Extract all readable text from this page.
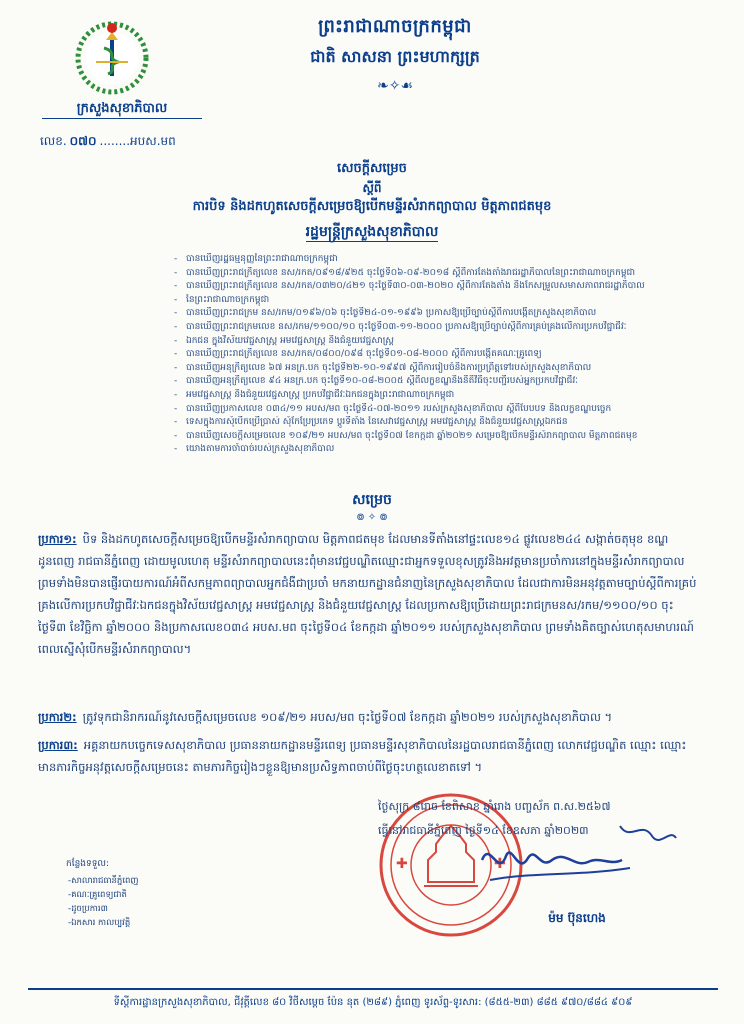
ក្រសួងសុខាភិបាល
លេខ. ០៧០ ........អបស.មព
ព្រះរាជាណាចក្រកម្ពុជា
ជាតិ សាសនា ព្រះមហាក្សត្រ
❧✧☙
សេចក្តីសម្រេច
ស្តីពី
ការបិទ និងដកហូតសេចក្តីសម្រេចឱ្យបើកមន្ទីរសំរាកព្យាបាល មិត្តភាពជតមុខ
រដ្ឋមន្ត្រីក្រសួងសុខាភិបាល
- បានឃើញរដ្ឋធម្មនុញ្ញនៃព្រះរាជាណាចក្រកម្ពុជា
- បានឃើញព្រះរាជក្រឹត្យលេខ នស/រកត/០៩១៨/៩២៥ ចុះថ្ងៃទី០៦-០៩-២០១៨ ស្តីពីការតែងតាំងរាជរដ្ឋាភិបាលនៃព្រះរាជាណាចក្រកម្ពុជា
- បានឃើញព្រះរាជក្រឹត្យលេខ នស/រកត/០៣២០/៤២១ ចុះថ្ងៃទី៣០-០៣-២០២០ ស្តីពីការតែងតាំង និងកែសម្រួលសមាសភាពរាជរដ្ឋាភិបាល
- នៃព្រះរាជាណាចក្រកម្ពុជា
- បានឃើញព្រះរាជក្រម នស/រកម/០១៩៦/០៦ ចុះថ្ងៃទី២៤-០១-១៩៩៦ ប្រកាសឱ្យប្រើច្បាប់ស្តីពីការបង្កើតក្រសួងសុខាភិបាល
- បានឃើញព្រះរាជក្រមលេខ នស/រកម/១១០០/១០ ចុះថ្ងៃទី០៣-១១-២០០០ ប្រកាសឱ្យប្រើច្បាប់ស្តីពីការគ្រប់គ្រងលើការប្រកបវិជ្ជាជីវៈ
- ឯកជន ក្នុងវិស័យវេជ្ជសាស្ត្រ អមវេជ្ជសាស្ត្រ និងជំនួយវេជ្ជសាស្ត្រ
- បានឃើញព្រះរាជក្រឹត្យលេខ នស/រកត/០៨០០/០៩៨ ចុះថ្ងៃទី០១-០៨-២០០០ ស្តីពីការបង្កើតគណៈគ្រូពេទ្យ
- បានឃើញអនុក្រឹត្យលេខ ៦៧ អនក្រ.បក ចុះថ្ងៃទី២២-១០-១៩៩៧ ស្តីពីការរៀបចំនិងការប្រព្រឹត្តទៅរបស់ក្រសួងសុខាភិបាល
- បានឃើញអនុក្រឹត្យលេខ ៩៤ អនក្រ.បក ចុះថ្ងៃទី១០-០៨-២០០៥ ស្តីពីលក្ខខណ្ឌនិងនីតិវិធីចុះបញ្ជីរបស់អ្នកប្រកបវិជ្ជាជីវៈ
- អមវេជ្ជសាស្ត្រ និងជំនួយវេជ្ជសាស្ត្រ ប្រកបវិជ្ជាជីវៈឯកជនក្នុងព្រះរាជាណាចក្រកម្ពុជា
- បានឃើញប្រកាសលេខ ០៣៤/១១ អបស/មព ចុះថ្ងៃទី៤-០៧-២០១១ របស់ក្រសួងសុខាភិបាល ស្តីពីបែបបទ និងលក្ខខណ្ឌបច្ចេក
- ទេសក្នុងការសុំបើកប្រើប្រាស់ សុំកែប្រែប្រភេទ ប្តូរទីតាំង នៃសេវាវេជ្ជសាស្ត្រ អមវេជ្ជសាស្ត្រ និងជំនួយវេជ្ជសាស្ត្រឯកជន
- បានឃើញសេចក្តីសម្រេចលេខ ១០៩/២១ អបស/មព ចុះថ្ងៃទី០៧ ខែកក្កដា ឆ្នាំ២០២១ សម្រេចឱ្យបើកមន្ទីរសំរាកព្យាបាល មិត្តភាពជតមុខ
- យោងតាមការចាំបាច់របស់ក្រសួងសុខាភិបាល
សម្រេច
៙ ✧ ៙
ប្រការ១: បិទ និងដកហូតសេចក្តីសម្រេចឱ្យបើកមន្ទីរសំរាកព្យាបាល មិត្តភាពជតមុខ ដែលមានទីតាំងនៅផ្ទះលេខ១៤ ផ្លូវលេខ២៤៤ សង្កាត់ចតុមុខ ខណ្ឌដូនពេញ រាជធានីភ្នំពេញ ដោយមូលហេតុ មន្ទីរសំរាកព្យាបាលនេះពុំមានវេជ្ជបណ្ឌិតឈ្មោះជាអ្នកទទួលខុសត្រូវនិងអវត្តមានប្រចាំការនៅក្នុងមន្ទីរសំរាកព្យាបាល ព្រមទាំងមិនបានផ្ញើរបាយការណ៍អំពីសកម្មភាពព្យាបាលអ្នកជំងឺជាប្រចាំ មកនាយកដ្ឋានជំនាញនៃក្រសួងសុខាភិបាល ដែលជាការមិនអនុវត្តតាមច្បាប់ស្តីពីការគ្រប់គ្រងលើការប្រកបវិជ្ជាជីវៈឯកជនក្នុងវិស័យវេជ្ជសាស្ត្រ អមវេជ្ជសាស្ត្រ និងជំនួយវេជ្ជសាស្ត្រ ដែលប្រកាសឱ្យប្រើដោយព្រះរាជក្រមនស/រកម/១១០០/១០ ចុះថ្ងៃទី៣ ខែវិច្ឆិកា ឆ្នាំ២០០០ និងប្រកាសលេខ០៣៤ អបស.មព ចុះថ្ងៃទី០៤ ខែកក្កដា ឆ្នាំ២០១១ របស់ក្រសួងសុខាភិបាល ព្រមទាំងគិតច្បាស់ហេតុសមាហរណ៍ពេលស្នើសុំបើកមន្ទីរសំរាកព្យាបាល។
ប្រការ២: ត្រូវទុកជានិរាករណ៍នូវសេចក្តីសម្រេចលេខ ១០៩/២១ អបស/មព ចុះថ្ងៃទី០៧ ខែកក្កដា ឆ្នាំ២០២១ របស់ក្រសួងសុខាភិបាល ។
ប្រការ៣: អគ្គនាយកបច្ចេកទេសសុខាភិបាល ប្រធាននាយកដ្ឋានមន្ទីរពេទ្យ ប្រធានមន្ទីរសុខាភិបាលនៃរដ្ឋបាលរាជធានីភ្នំពេញ លោកវេជ្ជបណ្ឌិត ឈ្មោះ ឈ្មោះ មានភារកិច្ចអនុវត្តសេចក្តីសម្រេចនេះ តាមភារកិច្ចរៀងៗខ្លួនឱ្យមានប្រសិទ្ធភាពចាប់ពីថ្ងៃចុះហត្ថលេខាតទៅ ។
✚	✚
ថ្ងៃសុក្រ ៨រោច ខែពិសាខ ឆ្នាំរោង បញ្ចស័ក ព.ស.២៥៦៧
ធ្វើនៅរាជធានីភ្នំពេញ ថ្ងៃទី១៤ ខែឧសភា ឆ្នាំ២០២៣
ម៉ម ប៊ុនហេង
កន្លែងទទួល:
-សាលារាជធានីភ្នំពេញ
-គណៈគ្រូពេទ្យជាតិ
-ដូចប្រការ៣
-ឯកសារ កាលប្បវត្តិ
ទីស្តីការដ្ឋានក្រសួងសុខាភិបាល, ជីវុត្តីលេខ ៨០ វិថីសម្តេច ប៉ែន នុត (២៨៩) ភ្នំពេញ ទូរស័ព្ទ-ទូរសារ: (៨៥៥-២៣) ៨៨៥ ៩៧០/៨៨៤ ៩០៩
